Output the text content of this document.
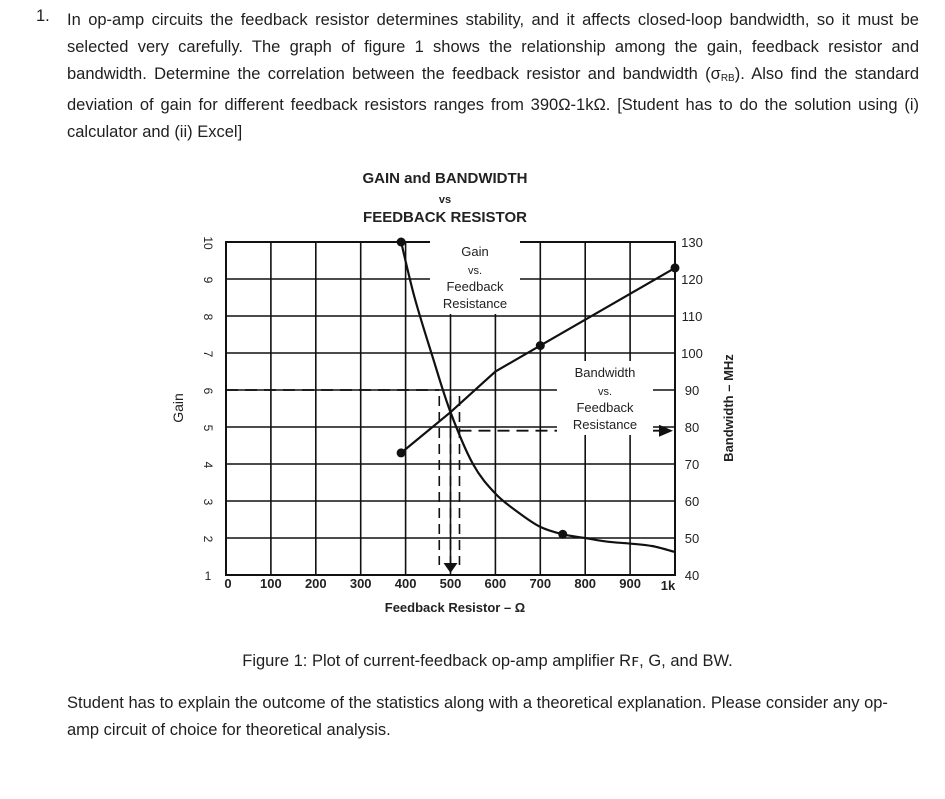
1. In op-amp circuits the feedback resistor determines stability, and it affects closed-loop bandwidth, so it must be selected very carefully. The graph of figure 1 shows the relationship among the gain, feedback resistor and bandwidth. Determine the correlation between the feedback resistor and bandwidth $(\sigma_{RB})$. Also find the standard deviation of gain for different feedback resistors ranges from 390Ω-1kΩ. [Student has to do the solution using (i) calculator and (ii) Excel]

GAIN and BANDWIDTH
vs
FEEDBACK RESISTOR
Gain
vs.
Feedback
Resistance
Bandwidth
vs.
Feedback
Resistance
1
2
3
4
5
6
7
8
9
10
40
50
60
70
80
90
100
110
120
130
0 100 200 300 400 500 600 700 800 900 1k
Feedback Resistor – Ω
Gain	Bandwidth – MHz
Figure 1: Plot of current-feedback op-amp amplifier Rꜰ, G, and BW.

Student has to explain the outcome of the statistics along with a theoretical explanation. Please consider any op-amp circuit of choice for theoretical analysis.
